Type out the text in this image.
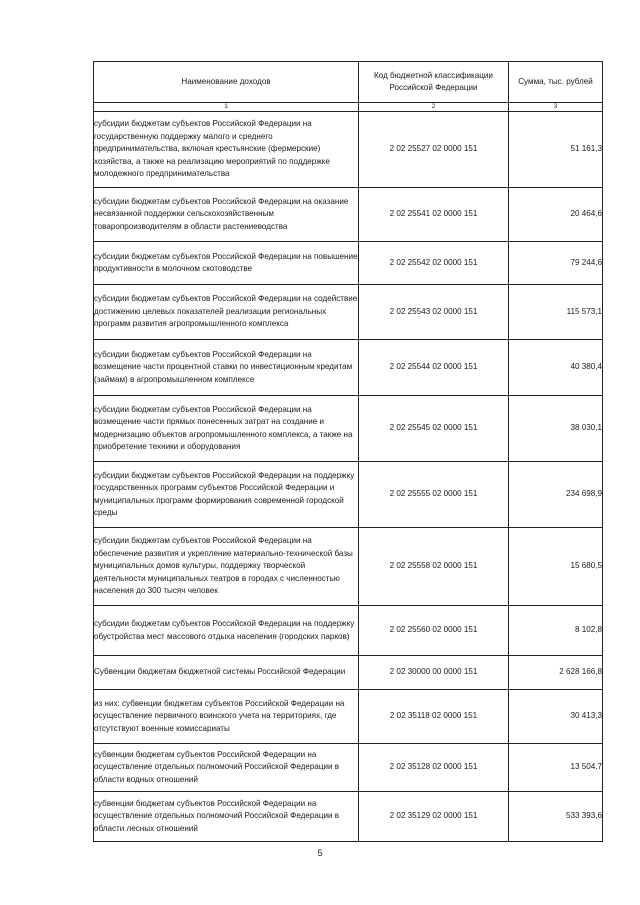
Наименование доходов	Код бюджетной классификации Российской Федерации	Сумма, тыс. рублей
1	2	3
субсидии бюджетам субъектов Российской Федерации на государственную поддержку малого и среднего предпринимательства, включая крестьянские (фермерские) хозяйства, а также на реализацию мероприятий по поддержке молодежного предпринимательства	2 02 25527 02 0000 151	51 161,3
субсидии бюджетам субъектов Российской Федерации на оказание несвязанной поддержки сельскохозяйственным товаропроизводителям в области растениеводства	2 02 25541 02 0000 151	20 464,6
субсидии бюджетам субъектов Российской Федерации на повышение продуктивности в молочном скотоводстве	2 02 25542 02 0000 151	79 244,6
субсидии бюджетам субъектов Российской Федерации на содействие достижению целевых показателей реализации региональных программ развития агропромышленного комплекса	2 02 25543 02 0000 151	115 573,1
субсидии бюджетам субъектов Российской Федерации на возмещение части процентной ставки по инвестиционным кредитам (займам) в агропромышленном комплексе	2 02 25544 02 0000 151	40 380,4
субсидии бюджетам субъектов Российской Федерации на возмещение части прямых понесенных затрат на создание и модернизацию объектов агропромышленного комплекса, а также на приобретение техники и оборудования	2 02 25545 02 0000 151	38 030,1
субсидии бюджетам субъектов Российской Федерации на поддержку государственных программ субъектов Российской Федерации и муниципальных программ формирования современной городской среды	2 02 25555 02 0000 151	234 698,9
субсидии бюджетам субъектов Российской Федерации на обеспечение развития и укрепление материально-технической базы муниципальных домов культуры, поддержку творческой деятельности муниципальных театров в городах с численностью населения до 300 тысяч человек	2 02 25558 02 0000 151	15 680,5
субсидии бюджетам субъектов Российской Федерации на поддержку обустройства мест массового отдыха населения (городских парков)	2 02 25560 02 0000 151	8 102,8
Субвенции бюджетам бюджетной системы Российской Федерации	2 02 30000 00 0000 151	2 628 166,8
из них: субвенции бюджетам субъектов Российской Федерации на осуществление первичного воинского учета на территориях, где отсутствуют военные комиссариаты	2 02 35118 02 0000 151	30 413,3
субвенции бюджетам субъектов Российской Федерации на осуществление отдельных полномочий Российской Федерации в области водных отношений	2 02 35128 02 0000 151	13 504,7
субвенции бюджетам субъектов Российской Федерации на осуществление отдельных полномочий Российской Федерации в области лесных отношений	2 02 35129 02 0000 151	533 393,6
5
